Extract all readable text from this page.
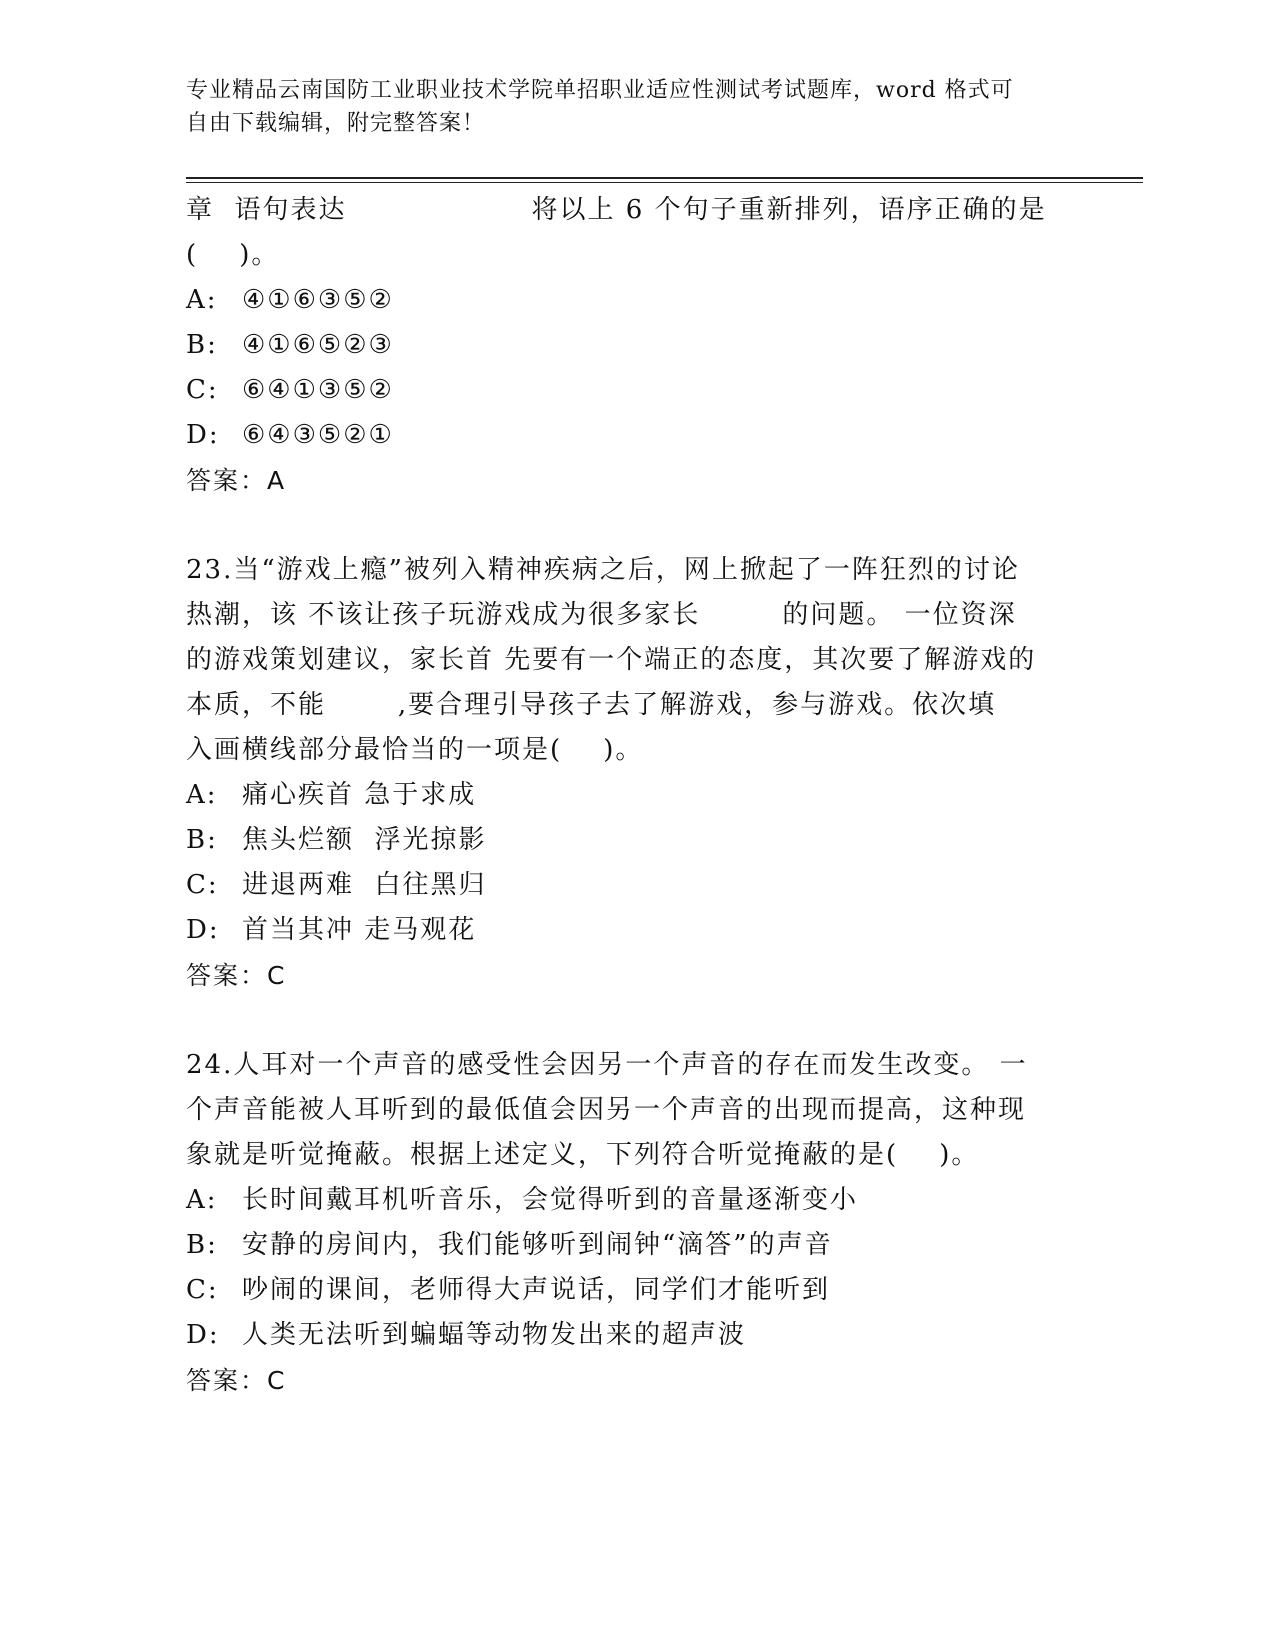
专业精品云南国防工业职业技术学院单招职业适应性测试考试题库，word 格式可
自由下载编辑，附完整答案！
章  语句表达	将以上 6 个句子重新排列，语序正确的是
(    )。
A: ④①⑥③⑤②
B: ④①⑥⑤②③
C: ⑥④①③⑤②
D: ⑥④③⑤②①
答案：A
23.当“游戏上瘾”被列入精神疾病之后，网上掀起了一阵狂烈的讨论
热潮，该 不该让孩子玩游戏成为很多家长        的问题。 一位资深
的游戏策划建议，家长首 先要有一个端正的态度，其次要了解游戏的
本质，不能       ,要合理引导孩子去了解游戏，参与游戏。依次填
入画横线部分最恰当的一项是(    )。
A: 痛心疾首 急于求成
B: 焦头烂额  浮光掠影
C: 进退两难  白往黑归
D: 首当其冲 走马观花
答案：C
24.人耳对一个声音的感受性会因另一个声音的存在而发生改变。 一
个声音能被人耳听到的最低值会因另一个声音的出现而提高，这种现
象就是听觉掩蔽。根据上述定义，下列符合听觉掩蔽的是(    )。
A: 长时间戴耳机听音乐，会觉得听到的音量逐渐变小
B: 安静的房间内，我们能够听到闹钟“滴答”的声音
C: 吵闹的课间，老师得大声说话，同学们才能听到
D: 人类无法听到蝙蝠等动物发出来的超声波
答案：C
